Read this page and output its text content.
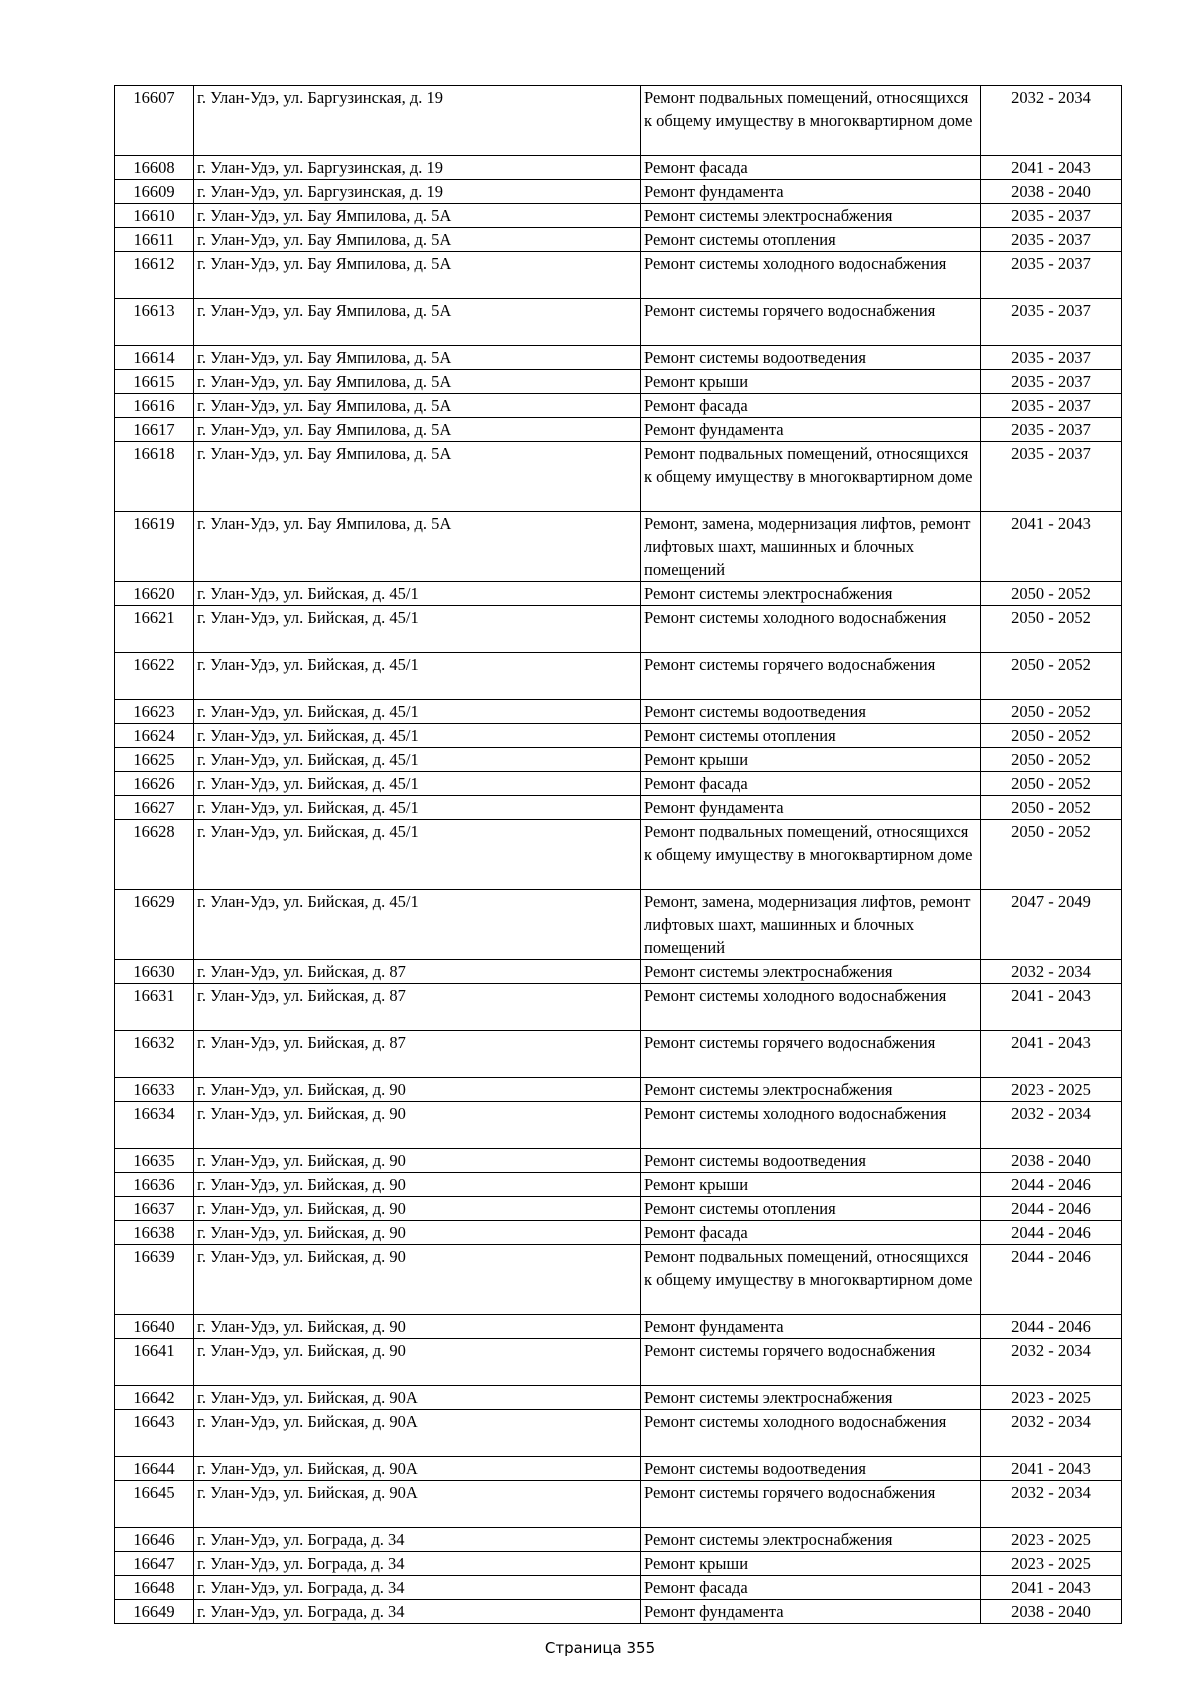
16607	г. Улан-Удэ, ул. Баргузинская, д. 19	Ремонт подвальных помещений, относящихся к общему имуществу в многоквартирном доме	2032 - 2034
16608	г. Улан-Удэ, ул. Баргузинская, д. 19	Ремонт фасада	2041 - 2043
16609	г. Улан-Удэ, ул. Баргузинская, д. 19	Ремонт фундамента	2038 - 2040
16610	г. Улан-Удэ, ул. Бау Ямпилова, д. 5А	Ремонт системы электроснабжения	2035 - 2037
16611	г. Улан-Удэ, ул. Бау Ямпилова, д. 5А	Ремонт системы отопления	2035 - 2037
16612	г. Улан-Удэ, ул. Бау Ямпилова, д. 5А	Ремонт системы холодного водоснабжения	2035 - 2037
16613	г. Улан-Удэ, ул. Бау Ямпилова, д. 5А	Ремонт системы горячего водоснабжения	2035 - 2037
16614	г. Улан-Удэ, ул. Бау Ямпилова, д. 5А	Ремонт системы водоотведения	2035 - 2037
16615	г. Улан-Удэ, ул. Бау Ямпилова, д. 5А	Ремонт крыши	2035 - 2037
16616	г. Улан-Удэ, ул. Бау Ямпилова, д. 5А	Ремонт фасада	2035 - 2037
16617	г. Улан-Удэ, ул. Бау Ямпилова, д. 5А	Ремонт фундамента	2035 - 2037
16618	г. Улан-Удэ, ул. Бау Ямпилова, д. 5А	Ремонт подвальных помещений, относящихся к общему имуществу в многоквартирном доме	2035 - 2037
16619	г. Улан-Удэ, ул. Бау Ямпилова, д. 5А	Ремонт, замена, модернизация лифтов, ремонт лифтовых шахт, машинных и блочных помещений	2041 - 2043
16620	г. Улан-Удэ, ул. Бийская, д. 45/1	Ремонт системы электроснабжения	2050 - 2052
16621	г. Улан-Удэ, ул. Бийская, д. 45/1	Ремонт системы холодного водоснабжения	2050 - 2052
16622	г. Улан-Удэ, ул. Бийская, д. 45/1	Ремонт системы горячего водоснабжения	2050 - 2052
16623	г. Улан-Удэ, ул. Бийская, д. 45/1	Ремонт системы водоотведения	2050 - 2052
16624	г. Улан-Удэ, ул. Бийская, д. 45/1	Ремонт системы отопления	2050 - 2052
16625	г. Улан-Удэ, ул. Бийская, д. 45/1	Ремонт крыши	2050 - 2052
16626	г. Улан-Удэ, ул. Бийская, д. 45/1	Ремонт фасада	2050 - 2052
16627	г. Улан-Удэ, ул. Бийская, д. 45/1	Ремонт фундамента	2050 - 2052
16628	г. Улан-Удэ, ул. Бийская, д. 45/1	Ремонт подвальных помещений, относящихся к общему имуществу в многоквартирном доме	2050 - 2052
16629	г. Улан-Удэ, ул. Бийская, д. 45/1	Ремонт, замена, модернизация лифтов, ремонт лифтовых шахт, машинных и блочных помещений	2047 - 2049
16630	г. Улан-Удэ, ул. Бийская, д. 87	Ремонт системы электроснабжения	2032 - 2034
16631	г. Улан-Удэ, ул. Бийская, д. 87	Ремонт системы холодного водоснабжения	2041 - 2043
16632	г. Улан-Удэ, ул. Бийская, д. 87	Ремонт системы горячего водоснабжения	2041 - 2043
16633	г. Улан-Удэ, ул. Бийская, д. 90	Ремонт системы электроснабжения	2023 - 2025
16634	г. Улан-Удэ, ул. Бийская, д. 90	Ремонт системы холодного водоснабжения	2032 - 2034
16635	г. Улан-Удэ, ул. Бийская, д. 90	Ремонт системы водоотведения	2038 - 2040
16636	г. Улан-Удэ, ул. Бийская, д. 90	Ремонт крыши	2044 - 2046
16637	г. Улан-Удэ, ул. Бийская, д. 90	Ремонт системы отопления	2044 - 2046
16638	г. Улан-Удэ, ул. Бийская, д. 90	Ремонт фасада	2044 - 2046
16639	г. Улан-Удэ, ул. Бийская, д. 90	Ремонт подвальных помещений, относящихся к общему имуществу в многоквартирном доме	2044 - 2046
16640	г. Улан-Удэ, ул. Бийская, д. 90	Ремонт фундамента	2044 - 2046
16641	г. Улан-Удэ, ул. Бийская, д. 90	Ремонт системы горячего водоснабжения	2032 - 2034
16642	г. Улан-Удэ, ул. Бийская, д. 90А	Ремонт системы электроснабжения	2023 - 2025
16643	г. Улан-Удэ, ул. Бийская, д. 90А	Ремонт системы холодного водоснабжения	2032 - 2034
16644	г. Улан-Удэ, ул. Бийская, д. 90А	Ремонт системы водоотведения	2041 - 2043
16645	г. Улан-Удэ, ул. Бийская, д. 90А	Ремонт системы горячего водоснабжения	2032 - 2034
16646	г. Улан-Удэ, ул. Бограда, д. 34	Ремонт системы электроснабжения	2023 - 2025
16647	г. Улан-Удэ, ул. Бограда, д. 34	Ремонт крыши	2023 - 2025
16648	г. Улан-Удэ, ул. Бограда, д. 34	Ремонт фасада	2041 - 2043
16649	г. Улан-Удэ, ул. Бограда, д. 34	Ремонт фундамента	2038 - 2040
Страница 355
